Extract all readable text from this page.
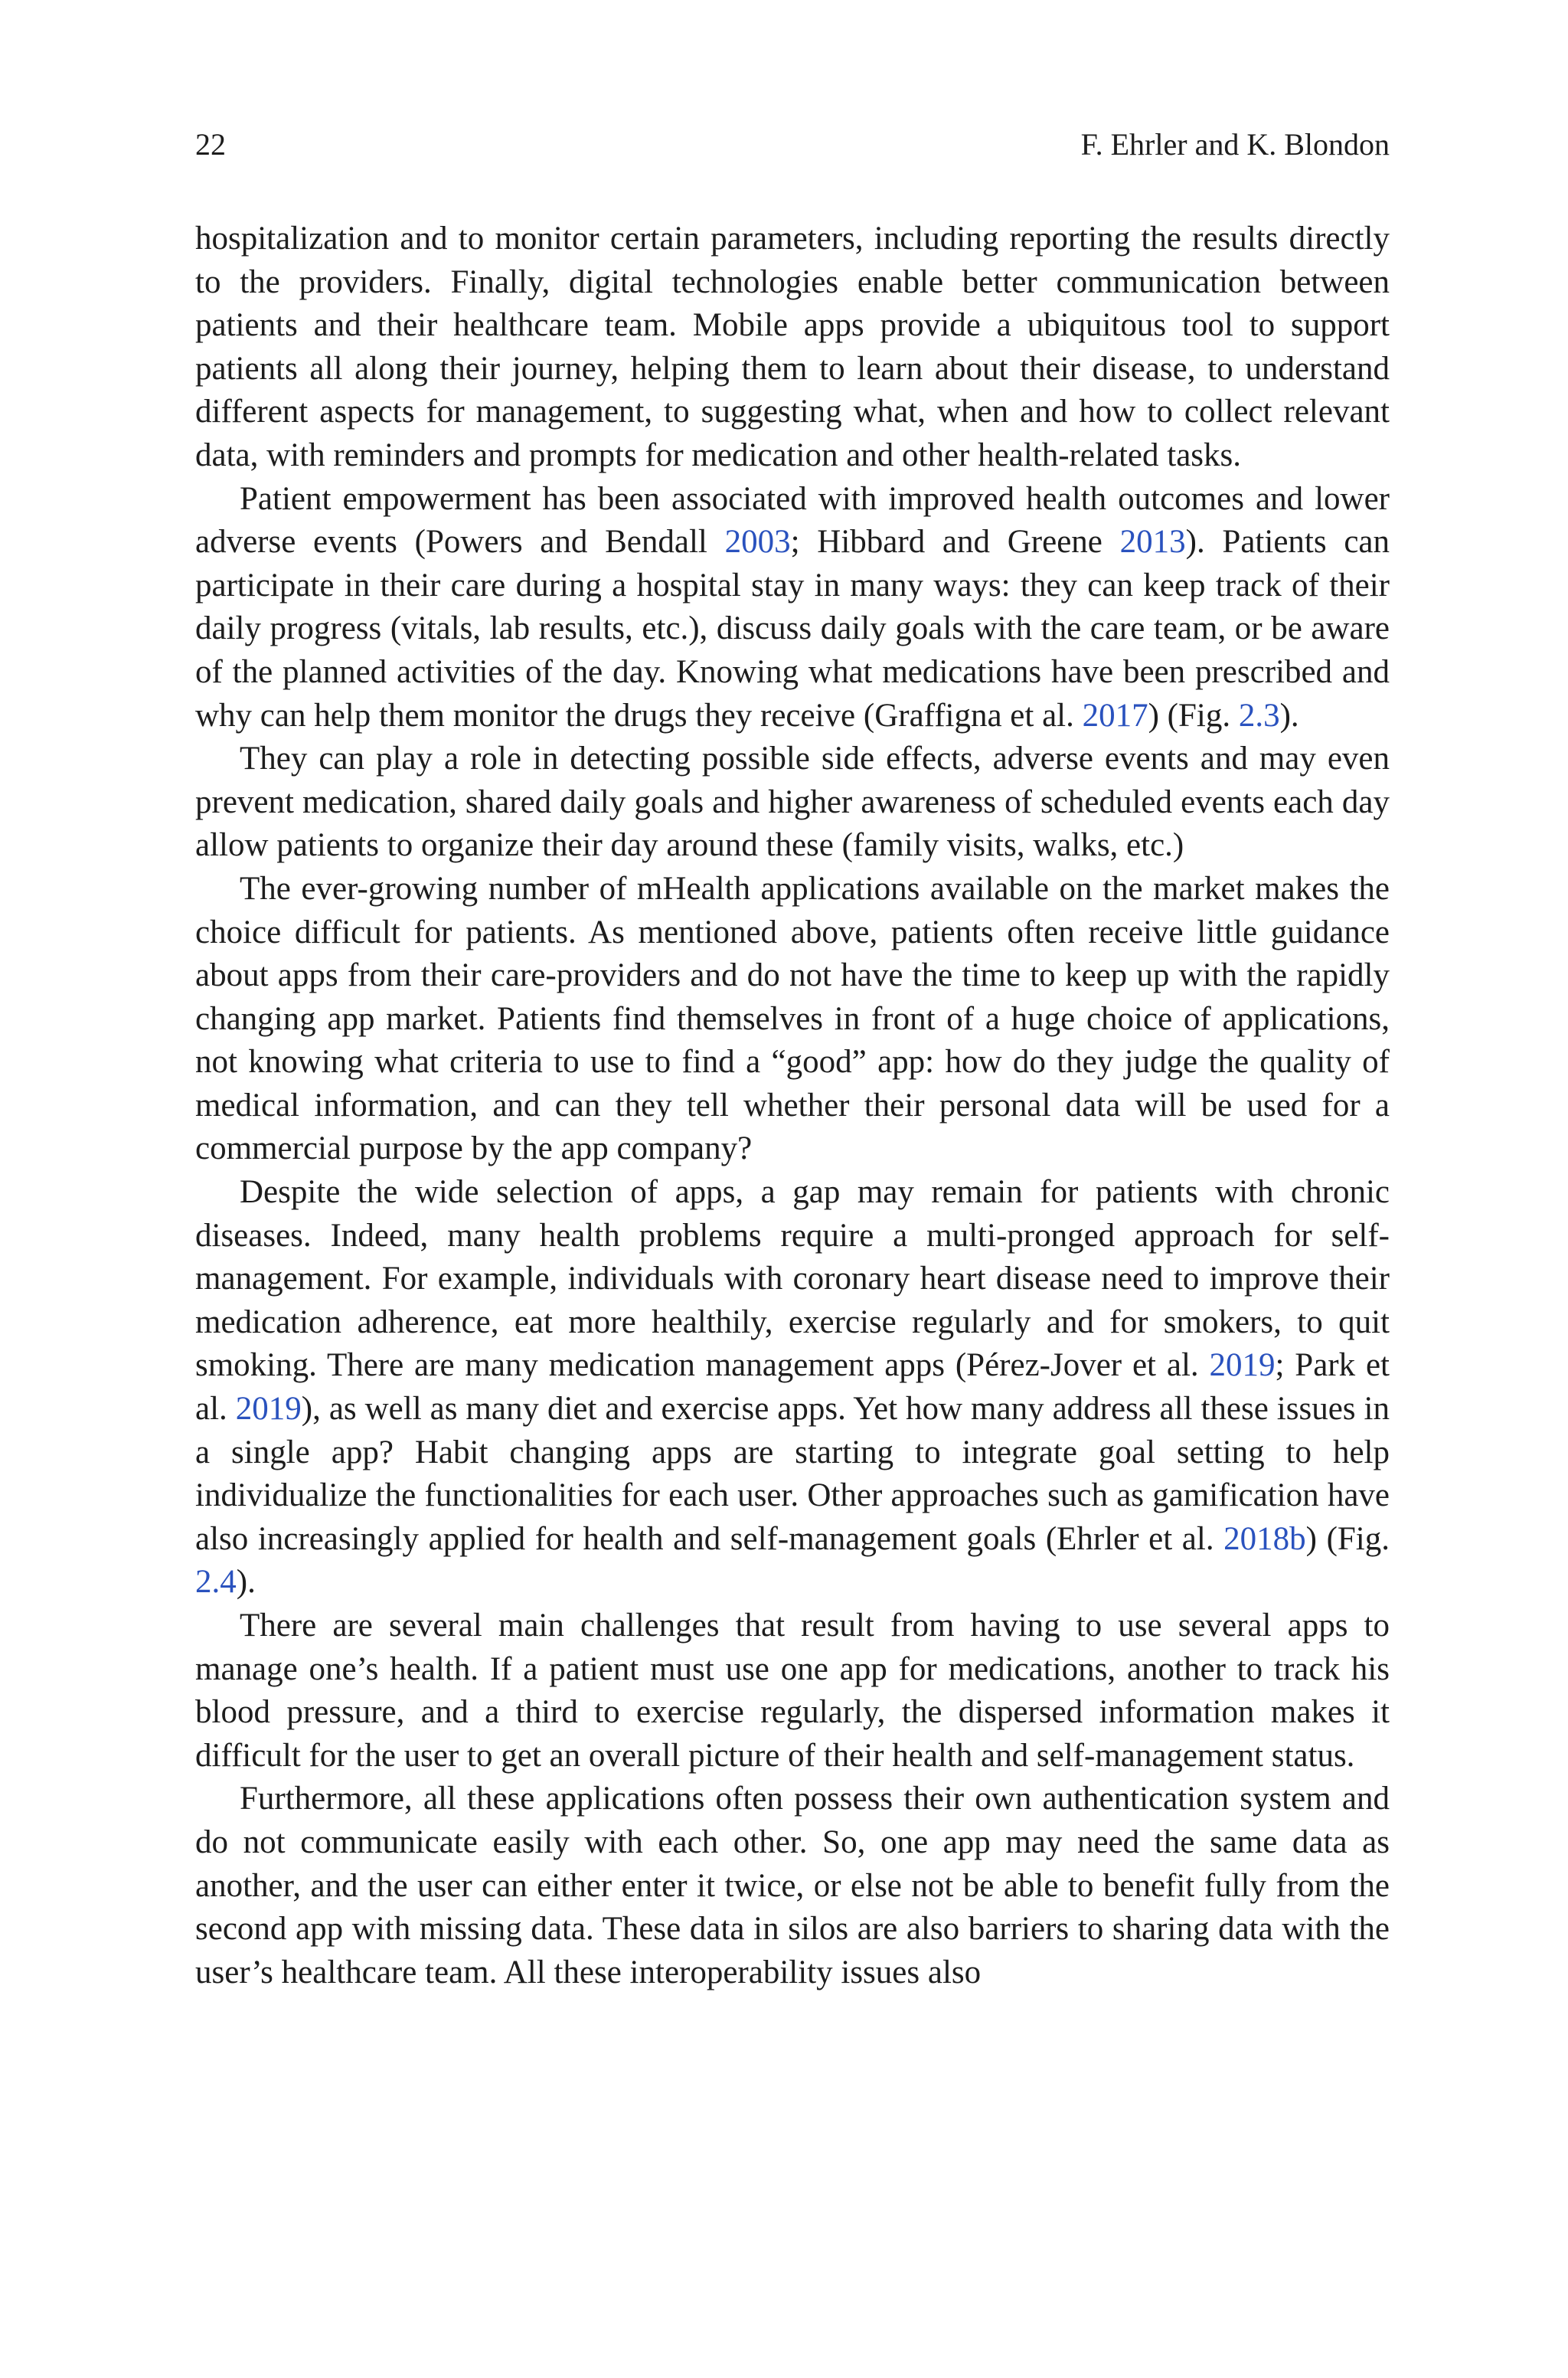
22	F. Ehrler and K. Blondon

hospitalization and to monitor certain parameters, including reporting the results directly to the providers. Finally, digital technologies enable better communication between patients and their healthcare team. Mobile apps provide a ubiquitous tool to support patients all along their journey, helping them to learn about their disease, to understand different aspects for management, to suggesting what, when and how to collect relevant data, with reminders and prompts for medication and other health-related tasks.

Patient empowerment has been associated with improved health outcomes and lower adverse events (Powers and Bendall 2003; Hibbard and Greene 2013). Patients can participate in their care during a hospital stay in many ways: they can keep track of their daily progress (vitals, lab results, etc.), discuss daily goals with the care team, or be aware of the planned activities of the day. Knowing what medications have been prescribed and why can help them monitor the drugs they receive (Graffigna et al. 2017) (Fig. 2.3).

They can play a role in detecting possible side effects, adverse events and may even prevent medication, shared daily goals and higher awareness of scheduled events each day allow patients to organize their day around these (family visits, walks, etc.)

The ever-growing number of mHealth applications available on the market makes the choice difficult for patients. As mentioned above, patients often receive little guidance about apps from their care-providers and do not have the time to keep up with the rapidly changing app market. Patients find themselves in front of a huge choice of applications, not knowing what criteria to use to find a “good” app: how do they judge the quality of medical information, and can they tell whether their personal data will be used for a commercial purpose by the app company?

Despite the wide selection of apps, a gap may remain for patients with chronic diseases. Indeed, many health problems require a multi-pronged approach for self-management. For example, individuals with coronary heart disease need to improve their medication adherence, eat more healthily, exercise regularly and for smokers, to quit smoking. There are many medication management apps (Pérez-Jover et al. 2019; Park et al. 2019), as well as many diet and exercise apps. Yet how many address all these issues in a single app? Habit changing apps are starting to integrate goal setting to help individualize the functionalities for each user. Other approaches such as gamification have also increasingly applied for health and self-management goals (Ehrler et al. 2018b) (Fig. 2.4).

There are several main challenges that result from having to use several apps to manage one’s health. If a patient must use one app for medications, another to track his blood pressure, and a third to exercise regularly, the dispersed information makes it difficult for the user to get an overall picture of their health and self-management status.

Furthermore, all these applications often possess their own authentication system and do not communicate easily with each other. So, one app may need the same data as another, and the user can either enter it twice, or else not be able to benefit fully from the second app with missing data. These data in silos are also barriers to sharing data with the user’s healthcare team. All these interoperability issues also
